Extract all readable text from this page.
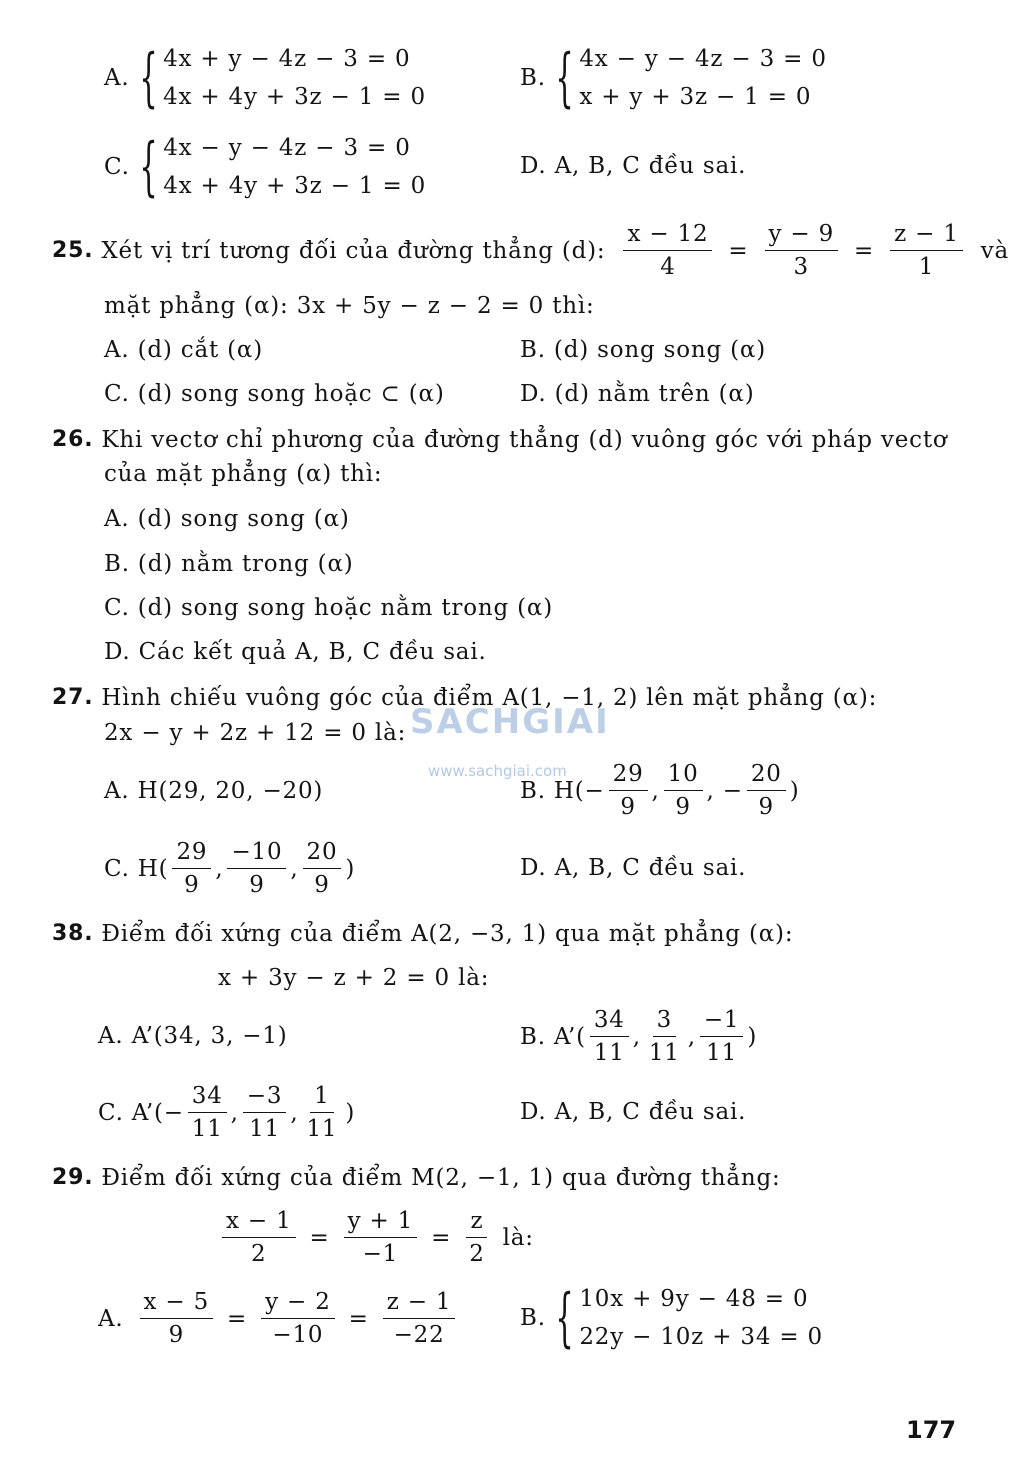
A. { 4x + y − 4z − 3 = 0
4x + 4y + 3z − 1 = 0
B. { 4x − y − 4z − 3 = 0
x + y + 3z − 1 = 0
C. { 4x − y − 4z − 3 = 0
4x + 4y + 3z − 1 = 0
D. A, B, C đều sai.
25. Xét vị trí tương đối của đường thẳng (d): $\frac{x - 12}{4} = \frac{y - 9}{3} = \frac{z - 1}{1}$ và
mặt phẳng (α): 3x + 5y − z − 2 = 0 thì:
A. (d) cắt (α)	B. (d) song song (α)
C. (d) song song hoặc ⊂ (α)	D. (d) nằm trên (α)
26. Khi vectơ chỉ phương của đường thẳng (d) vuông góc với pháp vectơ
của mặt phẳng (α) thì:
A. (d) song song (α)
B. (d) nằm trong (α)
C. (d) song song hoặc nằm trong (α)
D. Các kết quả A, B, C đều sai.
27. Hình chiếu vuông góc của điểm A(1, −1, 2) lên mặt phẳng (α):
2x − y + 2z + 12 = 0 là:
A. H(29, 20, −20)	B. $H(- \frac{29}{9}$ , $\frac{10}{9}$ , − $\frac{20}{9}$ )
C. $H( \frac{29}{9}$ , $\frac{-10}{9}$ , $\frac{20}{9}$ )	D. A, B, C đều sai.
38. Điểm đối xứng của điểm A(2, −3, 1) qua mặt phẳng (α):
x + 3y − z + 2 = 0 là:
A. A’(34, 3, −1)	B. A’( $\frac{34}{11}$ , $\frac{3}{11}$ , $\frac{-1}{11}$ )
C. A’(− $\frac{34}{11}$ , $\frac{-3}{11}$ , $\frac{1}{11}$ )	D. A, B, C đều sai.
29. Điểm đối xứng của điểm M(2, −1, 1) qua đường thẳng:
$\frac{x - 1}{2} = \frac{y + 1}{-1} = \frac{z}{2}$ là:
A. $\frac{x - 5}{9} = \frac{y - 2}{-10} = \frac{z - 1}{-22}$	B. { 10x + 9y − 48 = 0
22y − 10z + 34 = 0
SACHGIAI
www.sachgiai.com
177
